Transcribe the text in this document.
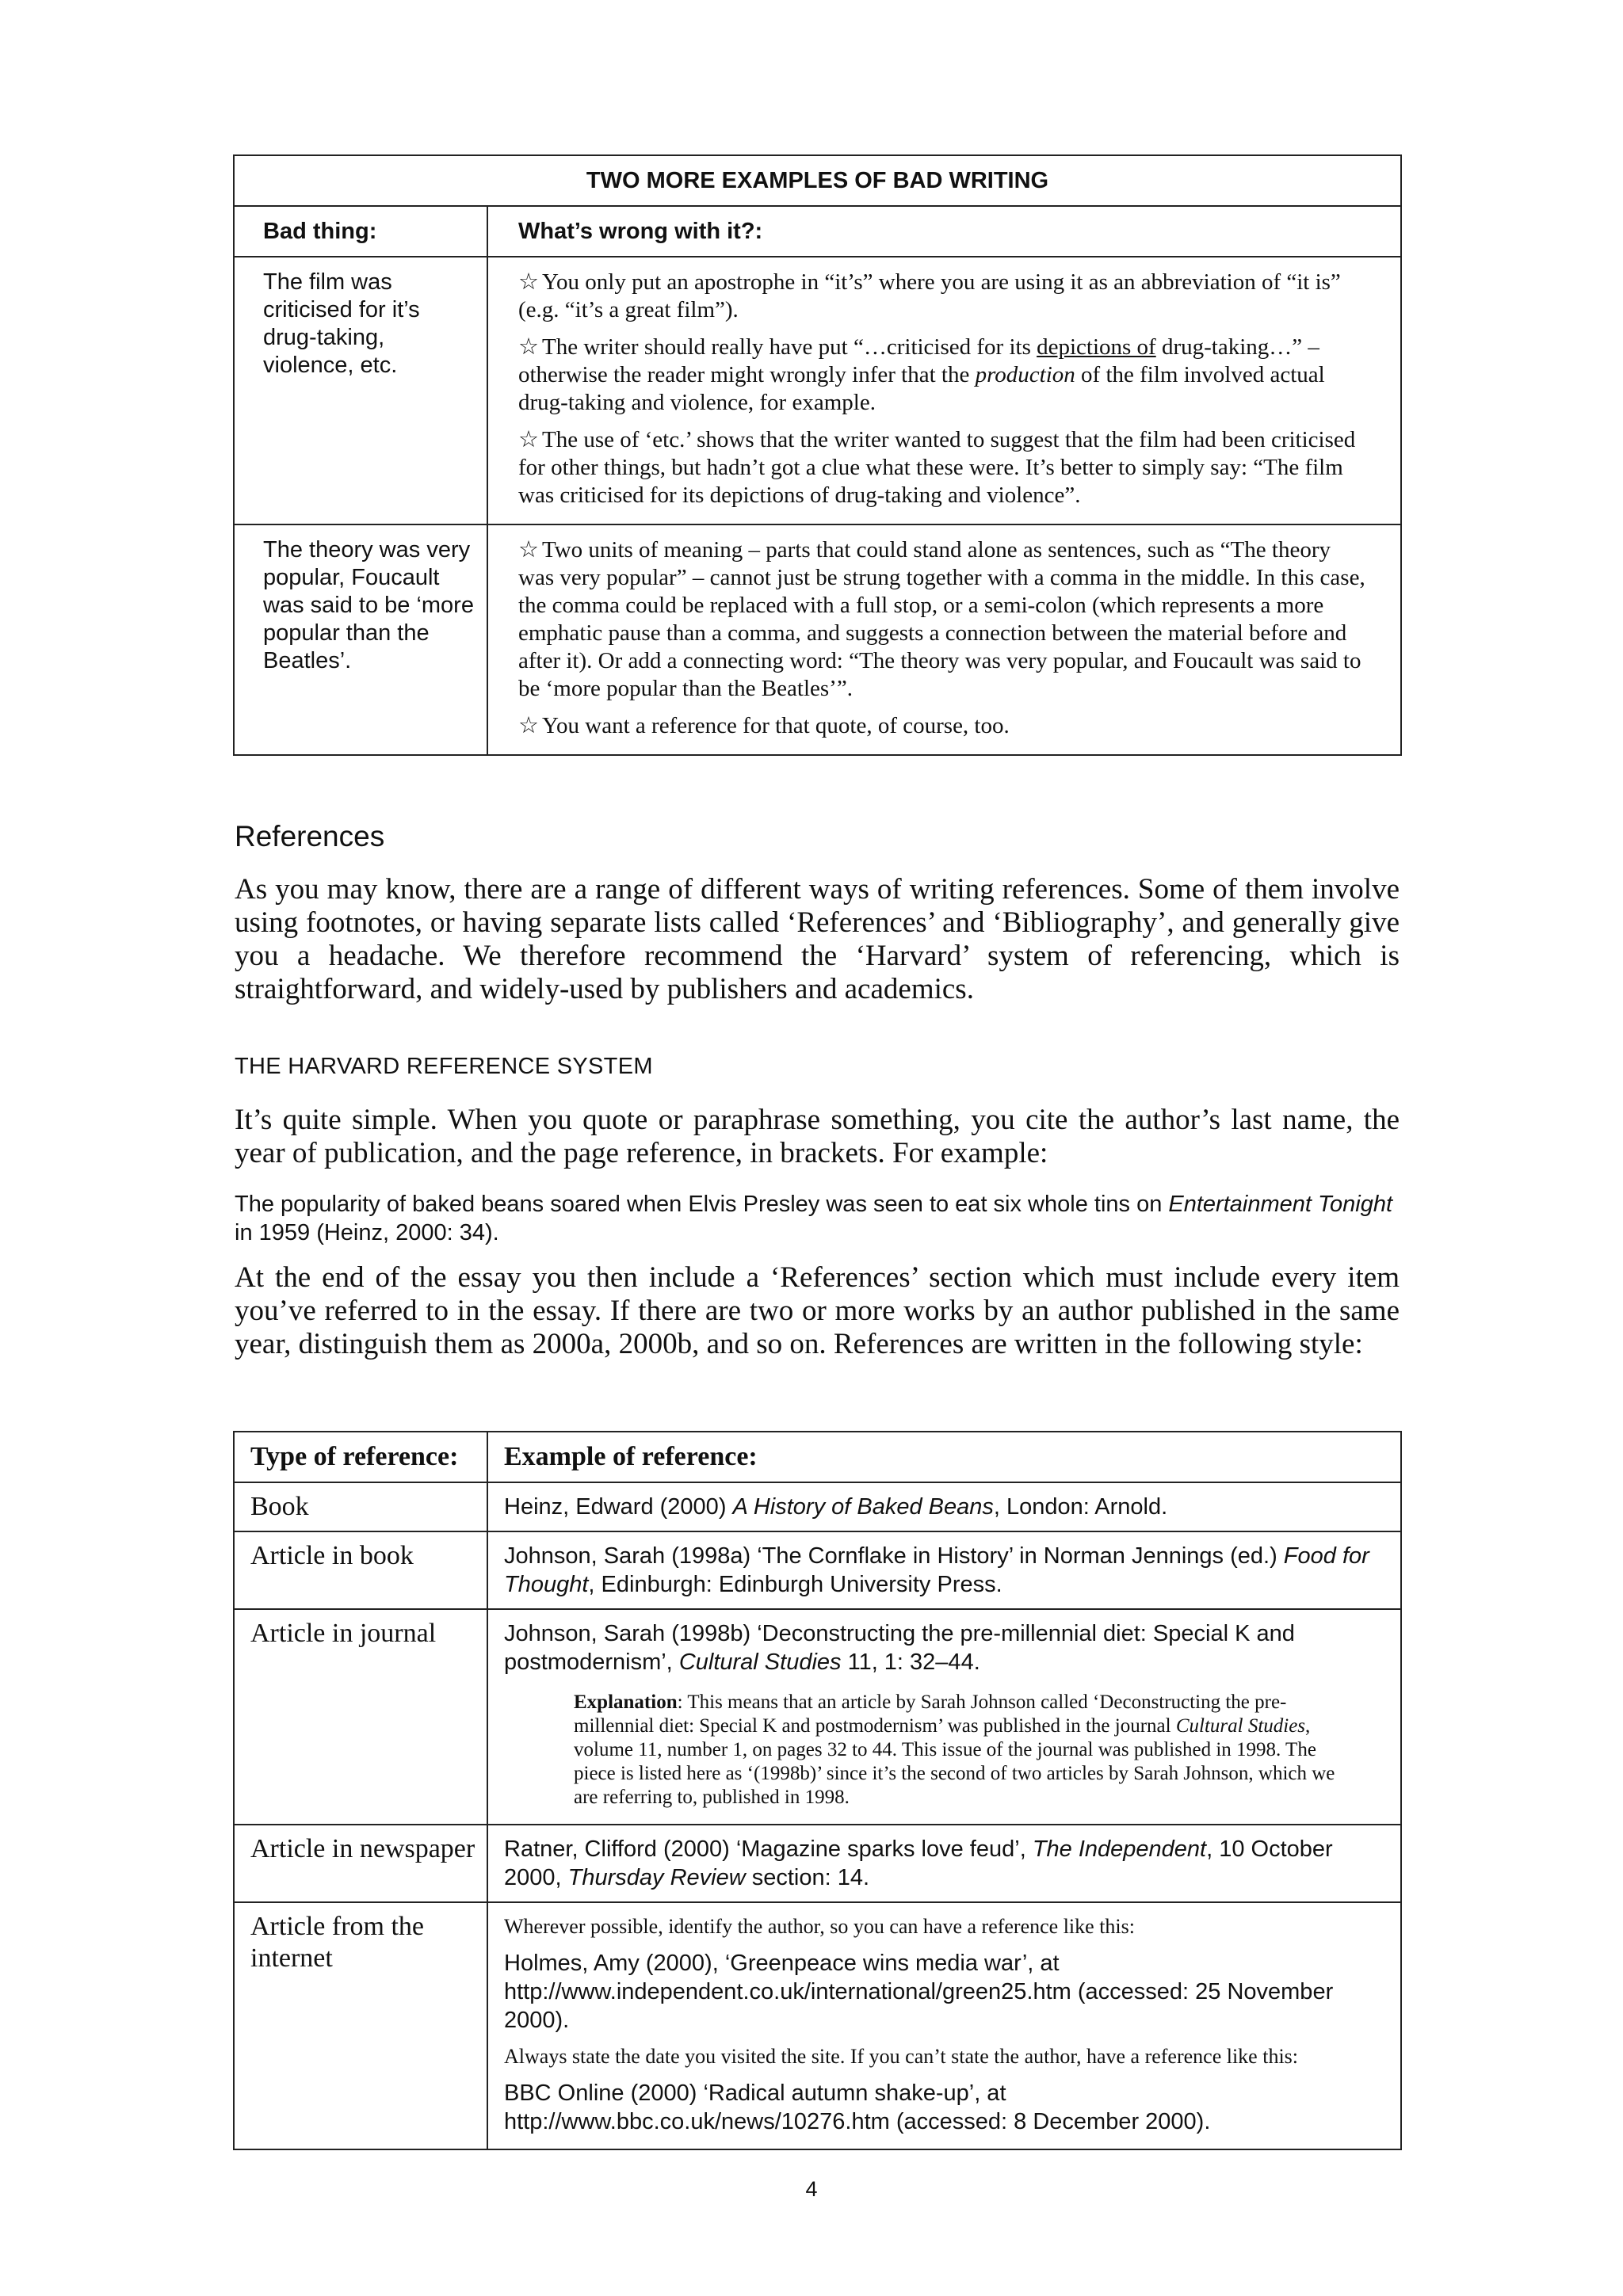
TWO MORE EXAMPLES OF BAD WRITING	
Bad thing:	What’s wrong with it?:
The film was criticised for it’s drug-taking, violence, etc.	☆ You only put an apostrophe in “it’s” where you are using it as an abbreviation of “it is” (e.g. “it’s a great film”).

☆ The writer should really have put “…criticised for its depictions of drug-taking…” – otherwise the reader might wrongly infer that the production of the film involved actual drug-taking and violence, for example.

☆ The use of ‘etc.’ shows that the writer wanted to suggest that the film had been criticised for other things, but hadn’t got a clue what these were. It’s better to simply say: “The film was criticised for its depictions of drug-taking and violence”.

The theory was very popular, Foucault was said to be ‘more popular than the Beatles’.	☆ Two units of meaning – parts that could stand alone as sentences, such as “The theory was very popular” – cannot just be strung together with a comma in the middle. In this case, the comma could be replaced with a full stop, or a semi-colon (which represents a more emphatic pause than a comma, and suggests a connection between the material before and after it). Or add a connecting word: “The theory was very popular, and Foucault was said to be ‘more popular than the Beatles’”.

☆ You want a reference for that quote, of course, too.

References

As you may know, there are a range of different ways of writing references. Some of them involve using footnotes, or having separate lists called ‘References’ and ‘Bibliography’, and generally give you a headache. We therefore recommend the ‘Harvard’ system of referencing, which is straightforward, and widely-used by publishers and academics.

THE HARVARD REFERENCE SYSTEM

It’s quite simple. When you quote or paraphrase something, you cite the author’s last name, the year of publication, and the page reference, in brackets. For example:

The popularity of baked beans soared when Elvis Presley was seen to eat six whole tins on Entertainment Tonight in 1959 (Heinz, 2000: 34).

At the end of the essay you then include a ‘References’ section which must include every item you’ve referred to in the essay. If there are two or more works by an author published in the same year, distinguish them as 2000a, 2000b, and so on. References are written in the following style:

Type of reference:	Example of reference:
Book	Heinz, Edward (2000) A History of Baked Beans, London: Arnold.
Article in book	Johnson, Sarah (1998a) ‘The Cornflake in History’ in Norman Jennings (ed.) Food for Thought, Edinburgh: Edinburgh University Press.
Article in journal	Johnson, Sarah (1998b) ‘Deconstructing the pre-millennial diet: Special K and postmodernism’, Cultural Studies 11, 1: 32–44.
Explanation: This means that an article by Sarah Johnson called ‘Deconstructing the pre-millennial diet: Special K and postmodernism’ was published in the journal Cultural Studies, volume 11, number 1, on pages 32 to 44. This issue of the journal was published in 1998. The piece is listed here as ‘(1998b)’ since it’s the second of two articles by Sarah Johnson, which we are referring to, published in 1998.

Article in newspaper	Ratner, Clifford (2000) ‘Magazine sparks love feud’, The Independent, 10 October 2000, Thursday Review section: 14.
Article from the internet	Wherever possible, identify the author, so you can have a reference like this:

Holmes, Amy (2000), ‘Greenpeace wins media war’, at http://www.independent.co.uk/international/green25.htm (accessed: 25 November 2000).

Always state the date you visited the site. If you can’t state the author, have a reference like this:

BBC Online (2000) ‘Radical autumn shake-up’, at http://www.bbc.co.uk/news/10276.htm (accessed: 8 December 2000).

4
